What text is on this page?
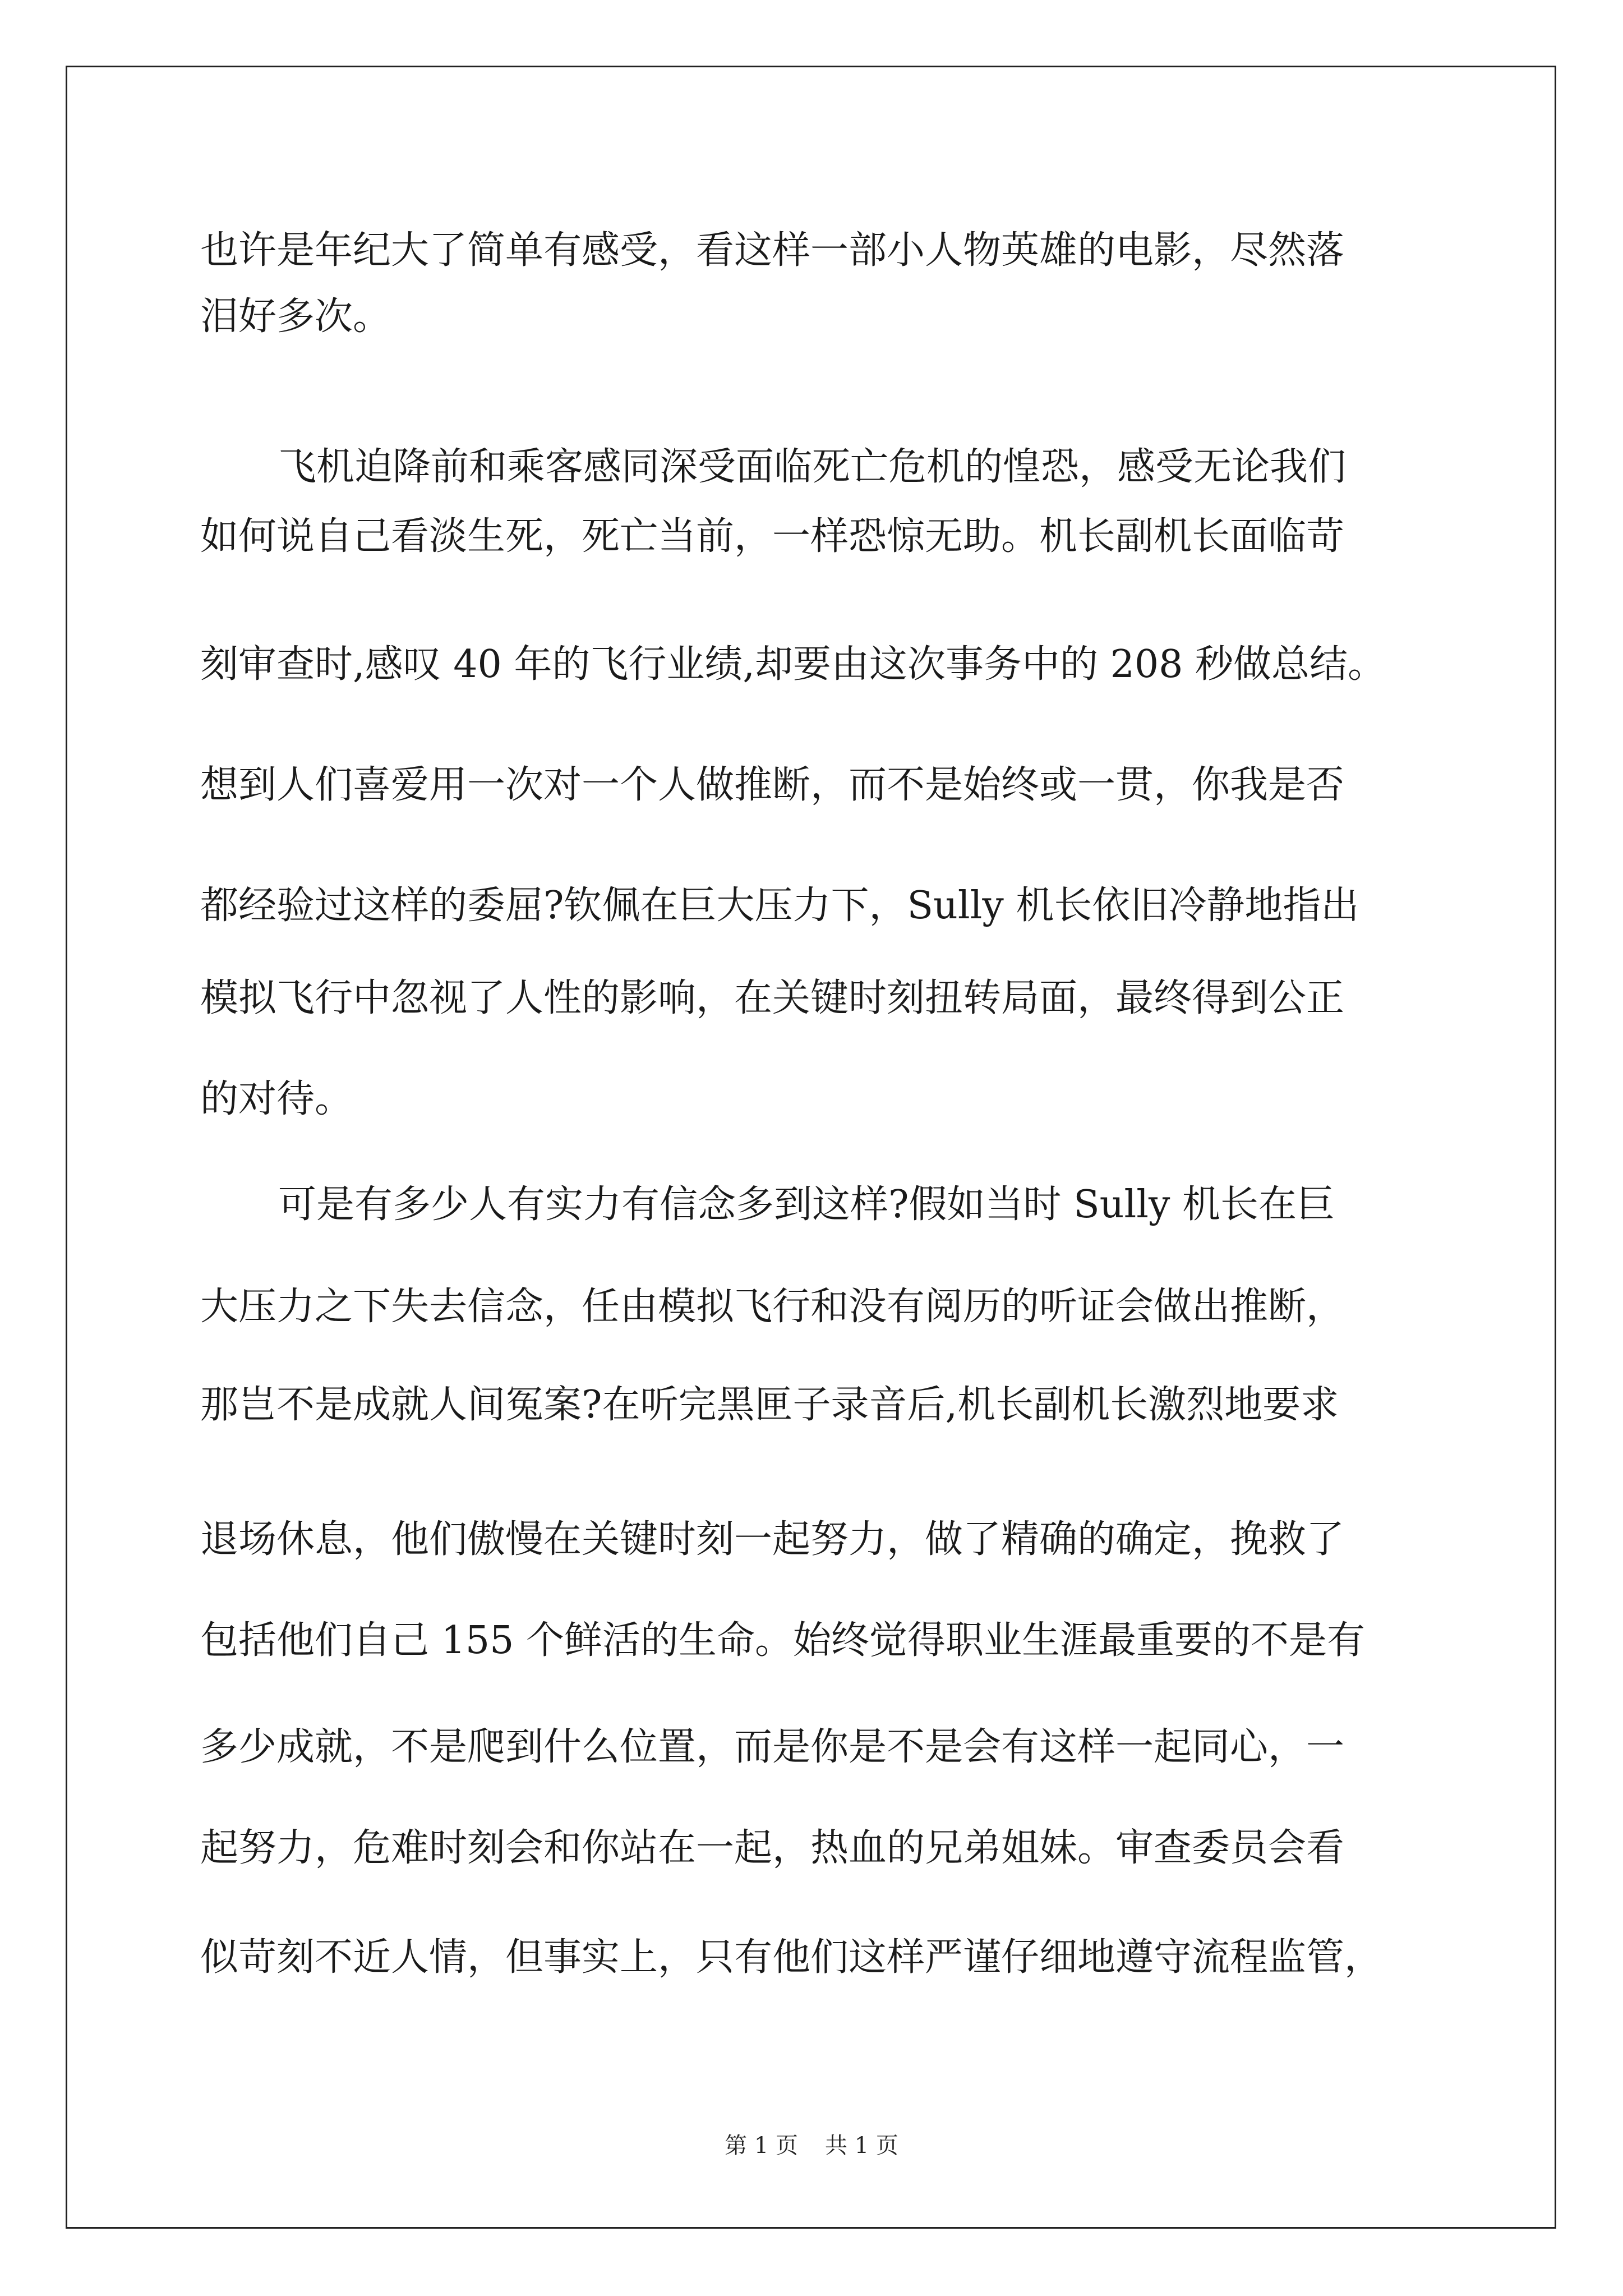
也许是年纪大了简单有感受，看这样一部小人物英雄的电影，尽然落
泪好多次。
飞机迫降前和乘客感同深受面临死亡危机的惶恐，感受无论我们
如何说自己看淡生死，死亡当前，一样恐惊无助。机长副机长面临苛
刻审查时,感叹 40 年的飞行业绩,却要由这次事务中的 208 秒做总结。
想到人们喜爱用一次对一个人做推断，而不是始终或一贯，你我是否
都经验过这样的委屈?钦佩在巨大压力下，Sully 机长依旧冷静地指出
模拟飞行中忽视了人性的影响，在关键时刻扭转局面，最终得到公正
的对待。
可是有多少人有实力有信念多到这样?假如当时 Sully 机长在巨
大压力之下失去信念，任由模拟飞行和没有阅历的听证会做出推断，
那岂不是成就人间冤案?在听完黑匣子录音后,机长副机长激烈地要求
退场休息，他们傲慢在关键时刻一起努力，做了精确的确定，挽救了
包括他们自己 155 个鲜活的生命。始终觉得职业生涯最重要的不是有
多少成就，不是爬到什么位置，而是你是不是会有这样一起同心，一
起努力，危难时刻会和你站在一起，热血的兄弟姐妹。审查委员会看
似苛刻不近人情，但事实上，只有他们这样严谨仔细地遵守流程监管，
第 1 页 共 1 页
